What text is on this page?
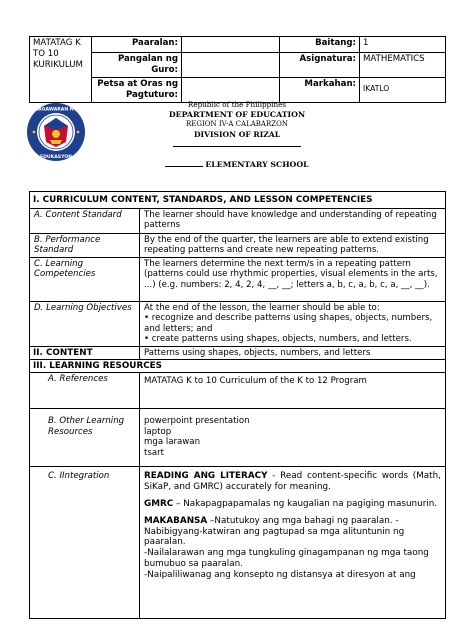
MATATAG K TO 10 KURIKULUM	Paaralan:		Baitang:	1
	Pangalan ng Guro:		Asignatura:	MATHEMATICS
	Petsa at Oras ng Pagtuturo:		Markahan:	IKATLO
KAGAWARAN NG
EDUKASYON
Republic of the Philippines
DEPARTMENT OF EDUCATION
REGION IV-A CALABARZON
DIVISION OF RIZAL
ELEMENTARY SCHOOL
I. CURRICULUM CONTENT, STANDARDS, AND LESSON COMPETENCIES	
A. Content Standard	The learner should have knowledge and understanding of repeating patterns
B. Performance Standard	By the end of the quarter, the learners are able to extend existing repeating patterns and create new repeating patterns.
C. Learning Competencies	The learners determine the next term/s in a repeating pattern (patterns could use rhythmic properties, visual elements in the arts, ...) (e.g. numbers: 2, 4, 2, 4, __, __; letters a, b, c, a, b, c, a, __, __).
D. Learning Objectives	At the end of the lesson, the learner should be able to:
• recognize and describe patterns using shapes, objects, numbers, and letters; and
• create patterns using shapes, objects, numbers, and letters.

II. CONTENT	Patterns using shapes, objects, numbers, and letters
III. LEARNING RESOURCES	
A. References	MATATAG K to 10 Curriculum of the K to 12 Program
B. Other Learning Resources	powerpoint presentation
laptop
mga larawan
tsart

C. IIntegration	READING ANG LITERACY - Read content-specific words (Math, SiKaP, and GMRC) accurately for meaning.
GMRC – Nakapagpapamalas ng kaugalian na pagiging masunurin.
MAKABANSA –Natutukoy ang mga bahagi ng paaralan. -Nabibigyang-katwiran ang pagtupad sa mga alituntunin ng paaralan.
-Nailalarawan ang mga tungkuling ginagampanan ng mga taong bumubuo sa paaralan.
-Naipaliliwanag ang konsepto ng distansya at diresyon at ang
